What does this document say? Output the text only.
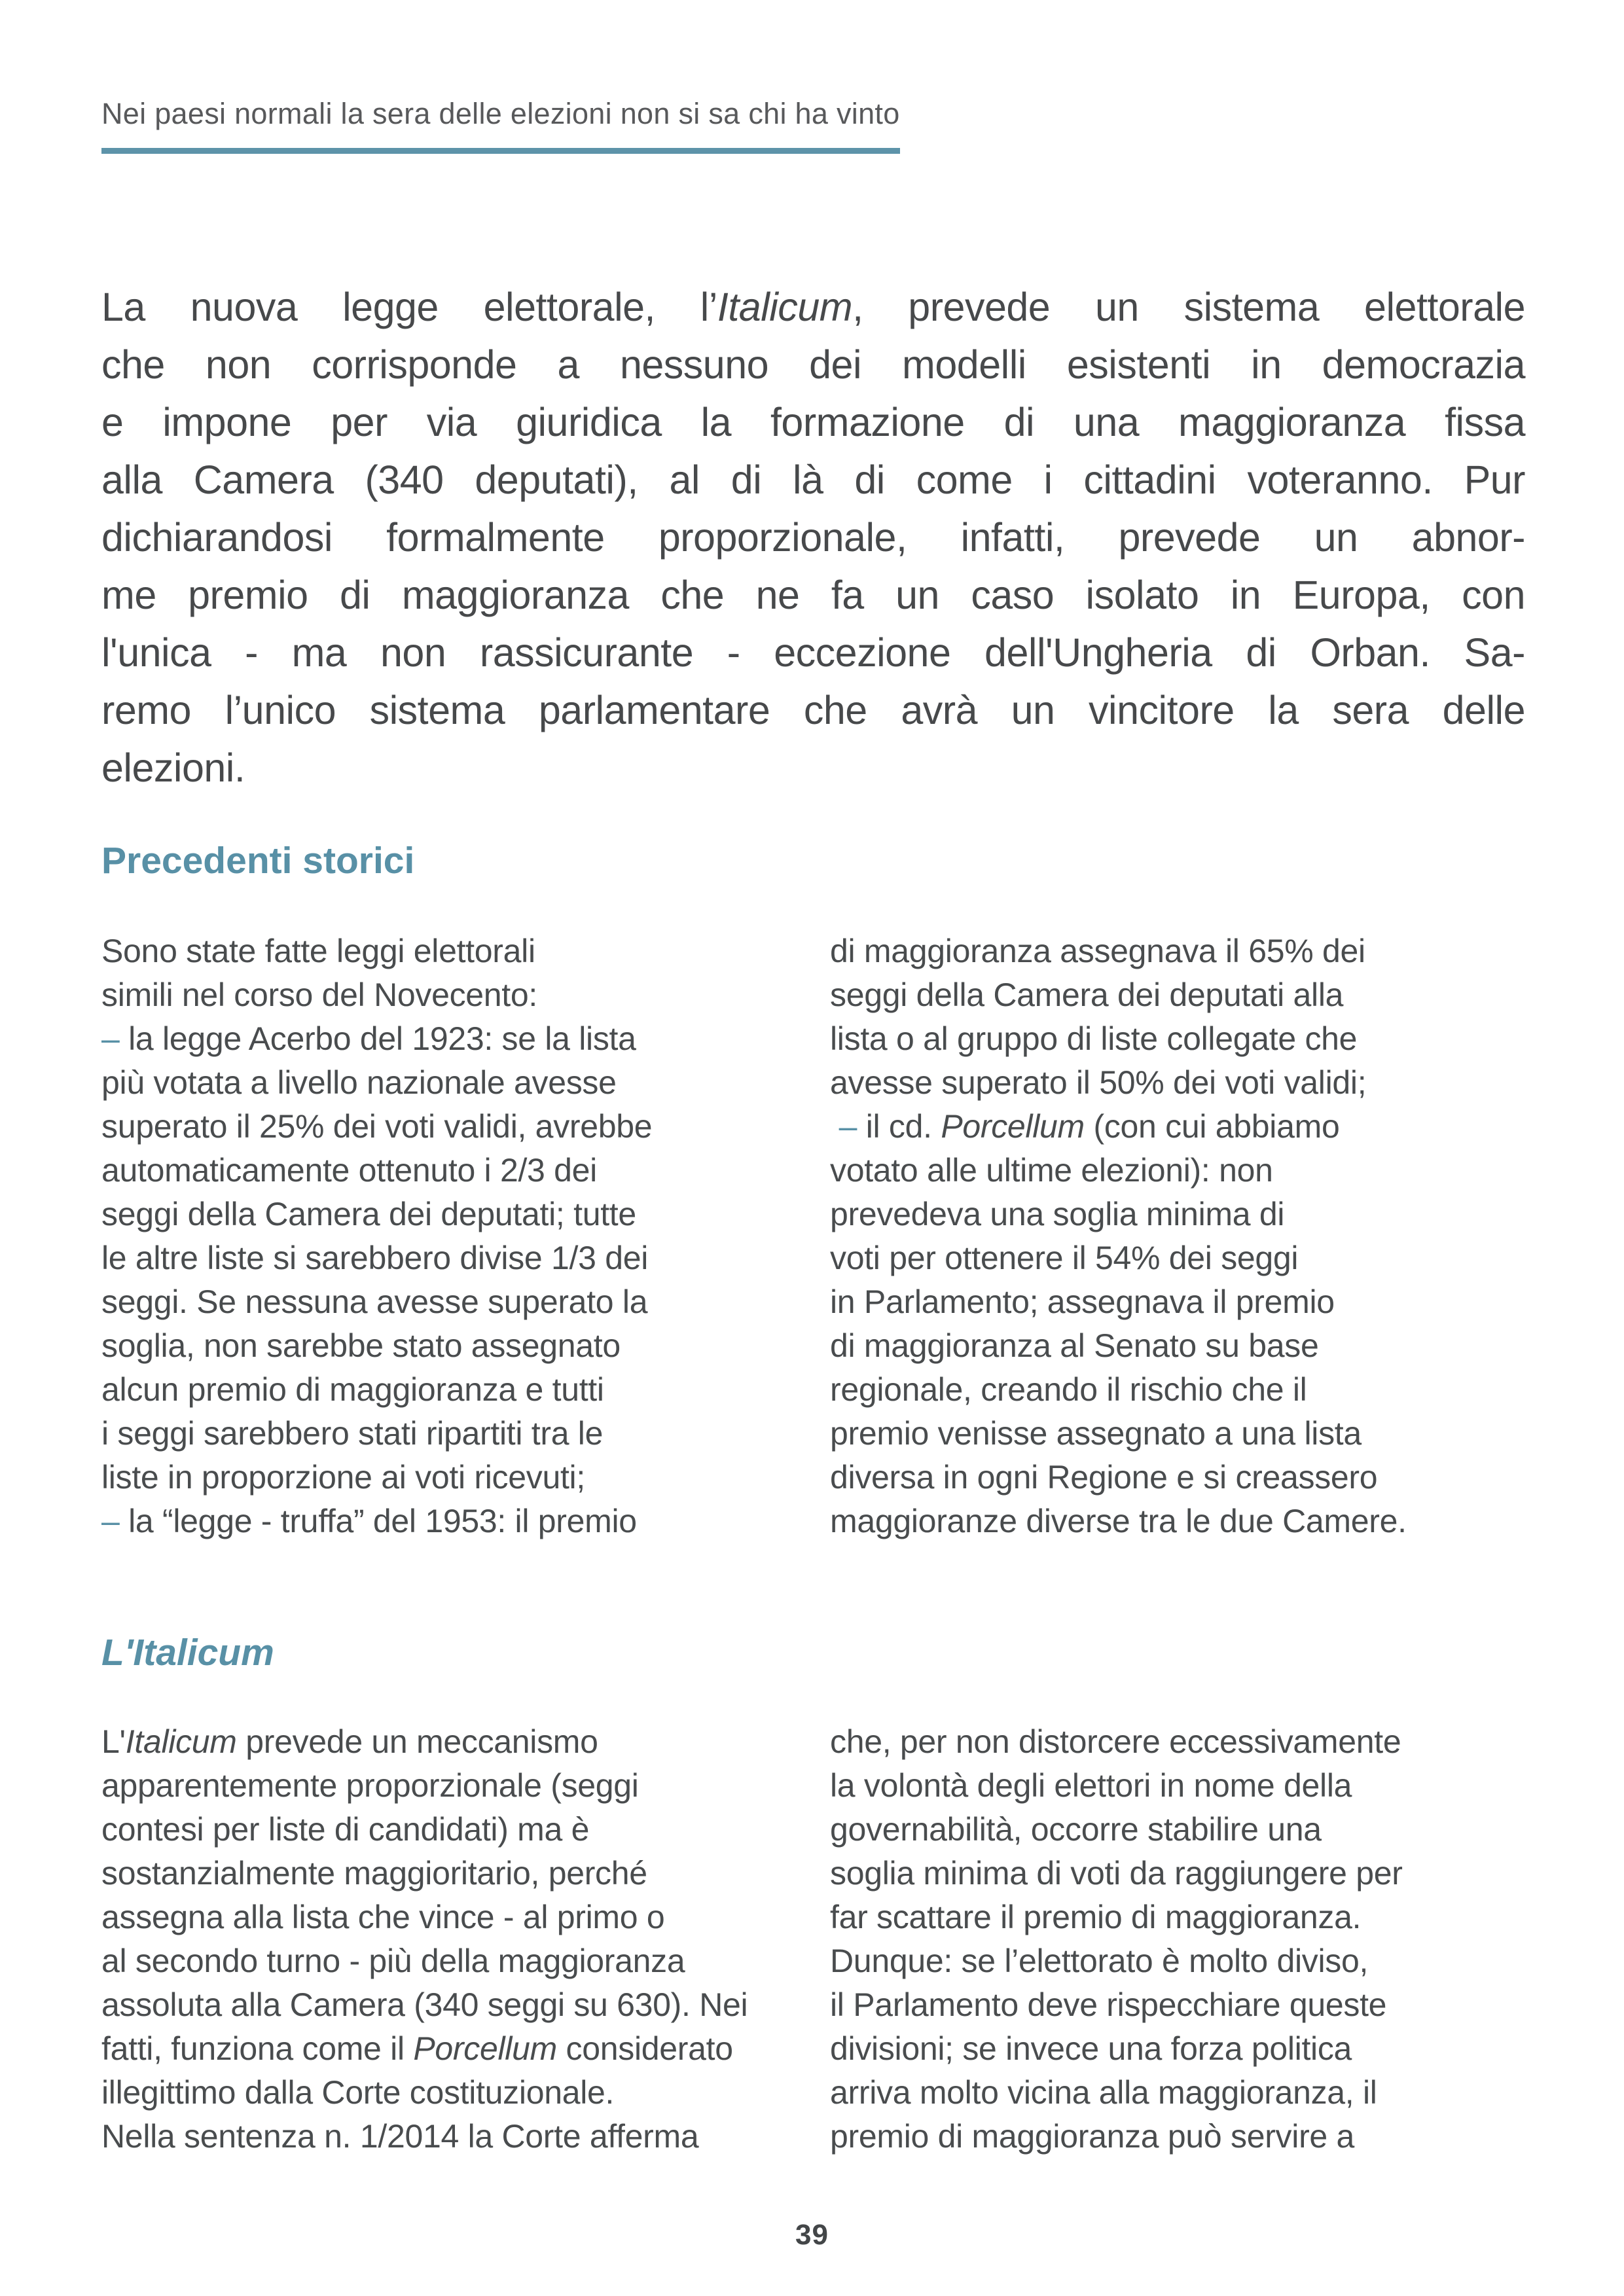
Nei paesi normali la sera delle elezioni non si sa chi ha vinto
La nuova legge elettorale, l’Italicum, prevede un sistema elettorale
che non corrisponde a nessuno dei modelli esistenti in democrazia
e impone per via giuridica la formazione di una maggioranza fissa
alla Camera (340 deputati), al di là di come i cittadini voteranno. Pur
dichiarandosi formalmente proporzionale, infatti, prevede un abnor-
me premio di maggioranza che ne fa un caso isolato in Europa, con
l'unica - ma non rassicurante - eccezione dell'Ungheria di Orban. Sa-
remo l’unico sistema parlamentare che avrà un vincitore la sera delle
elezioni.
Precedenti storici
Sono state fatte leggi elettorali
simili nel corso del Novecento:
– la legge Acerbo del 1923: se la lista
più votata a livello nazionale avesse
superato il 25% dei voti validi, avrebbe
automaticamente ottenuto i 2/3 dei
seggi della Camera dei deputati; tutte
le altre liste si sarebbero divise 1/3 dei
seggi. Se nessuna avesse superato la
soglia, non sarebbe stato assegnato
alcun premio di maggioranza e tutti
i seggi sarebbero stati ripartiti tra le
liste in proporzione ai voti ricevuti;
– la “legge - truffa” del 1953: il premio
di maggioranza assegnava il 65% dei
seggi della Camera dei deputati alla
lista o al gruppo di liste collegate che
avesse superato il 50% dei voti validi;
– il cd. Porcellum (con cui abbiamo
votato alle ultime elezioni): non
prevedeva una soglia minima di
voti per ottenere il 54% dei seggi
in Parlamento; assegnava il premio
di maggioranza al Senato su base
regionale, creando il rischio che il
premio venisse assegnato a una lista
diversa in ogni Regione e si creassero
maggioranze diverse tra le due Camere.
L'Italicum
L'Italicum prevede un meccanismo
apparentemente proporzionale (seggi
contesi per liste di candidati) ma è
sostanzialmente maggioritario, perché
assegna alla lista che vince - al primo o
al secondo turno - più della maggioranza
assoluta alla Camera (340 seggi su 630). Nei
fatti, funziona come il Porcellum considerato
illegittimo dalla Corte costituzionale.
Nella sentenza n. 1/2014 la Corte afferma
che, per non distorcere eccessivamente
la volontà degli elettori in nome della
governabilità, occorre stabilire una
soglia minima di voti da raggiungere per
far scattare il premio di maggioranza.
Dunque: se l’elettorato è molto diviso,
il Parlamento deve rispecchiare queste
divisioni; se invece una forza politica
arriva molto vicina alla maggioranza, il
premio di maggioranza può servire a
39
